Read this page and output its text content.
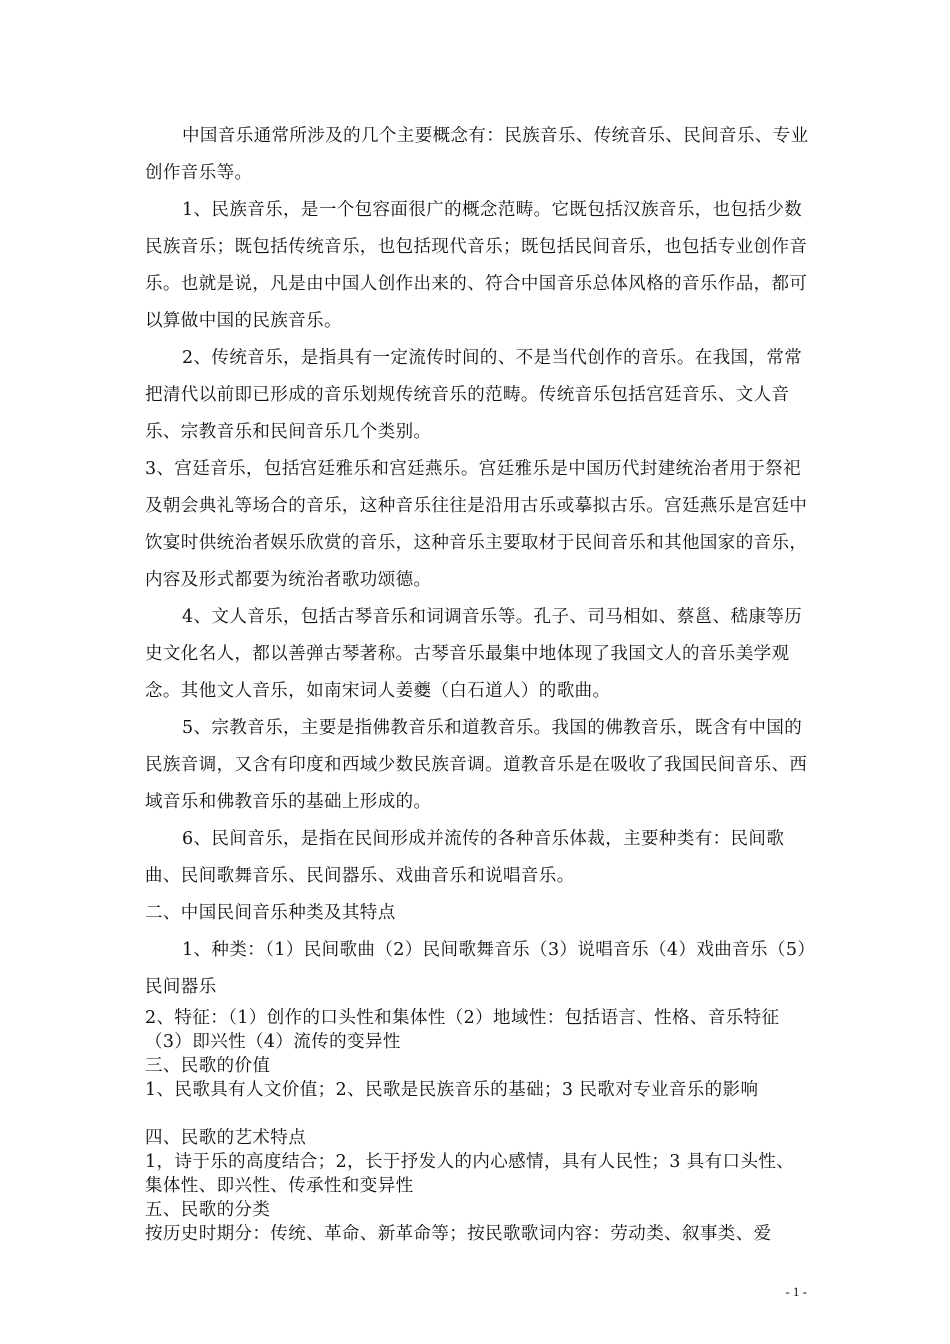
中国音乐通常所涉及的几个主要概念有：民族音乐、传统音乐、民间音乐、专业创作音乐等。

1、民族音乐，是一个包容面很广的概念范畴。它既包括汉族音乐，也包括少数民族音乐；既包括传统音乐，也包括现代音乐；既包括民间音乐，也包括专业创作音乐。也就是说，凡是由中国人创作出来的、符合中国音乐总体风格的音乐作品，都可以算做中国的民族音乐。

2、传统音乐，是指具有一定流传时间的、不是当代创作的音乐。在我国，常常把清代以前即已形成的音乐划规传统音乐的范畴。传统音乐包括宫廷音乐、文人音乐、宗教音乐和民间音乐几个类别。

3、宫廷音乐，包括宫廷雅乐和宫廷燕乐。宫廷雅乐是中国历代封建统治者用于祭祀及朝会典礼等场合的音乐，这种音乐往往是沿用古乐或摹拟古乐。宫廷燕乐是宫廷中饮宴时供统治者娱乐欣赏的音乐，这种音乐主要取材于民间音乐和其他国家的音乐，内容及形式都要为统治者歌功颂德。

4、文人音乐，包括古琴音乐和词调音乐等。孔子、司马相如、蔡邕、嵇康等历史文化名人，都以善弹古琴著称。古琴音乐最集中地体现了我国文人的音乐美学观念。其他文人音乐，如南宋词人姜夔（白石道人）的歌曲。

5、宗教音乐，主要是指佛教音乐和道教音乐。我国的佛教音乐，既含有中国的民族音调，又含有印度和西域少数民族音调。道教音乐是在吸收了我国民间音乐、西域音乐和佛教音乐的基础上形成的。

6、民间音乐，是指在民间形成并流传的各种音乐体裁，主要种类有：民间歌曲、民间歌舞音乐、民间器乐、戏曲音乐和说唱音乐。

二、中国民间音乐种类及其特点

1、种类：（1）民间歌曲（2）民间歌舞音乐（3）说唱音乐（4）戏曲音乐（5）民间器乐

2、特征：（1）创作的口头性和集体性（2）地域性：包括语言、性格、音乐特征（3）即兴性（4）流传的变异性

三、民歌的价值

1、民歌具有人文价值；2、民歌是民族音乐的基础；3 民歌对专业音乐的影响

四、民歌的艺术特点

1，诗于乐的高度结合；2，长于抒发人的内心感情，具有人民性；3 具有口头性、集体性、即兴性、传承性和变异性

五、民歌的分类

按历史时期分：传统、革命、新革命等；按民歌歌词内容：劳动类、叙事类、爱

- 1 -
